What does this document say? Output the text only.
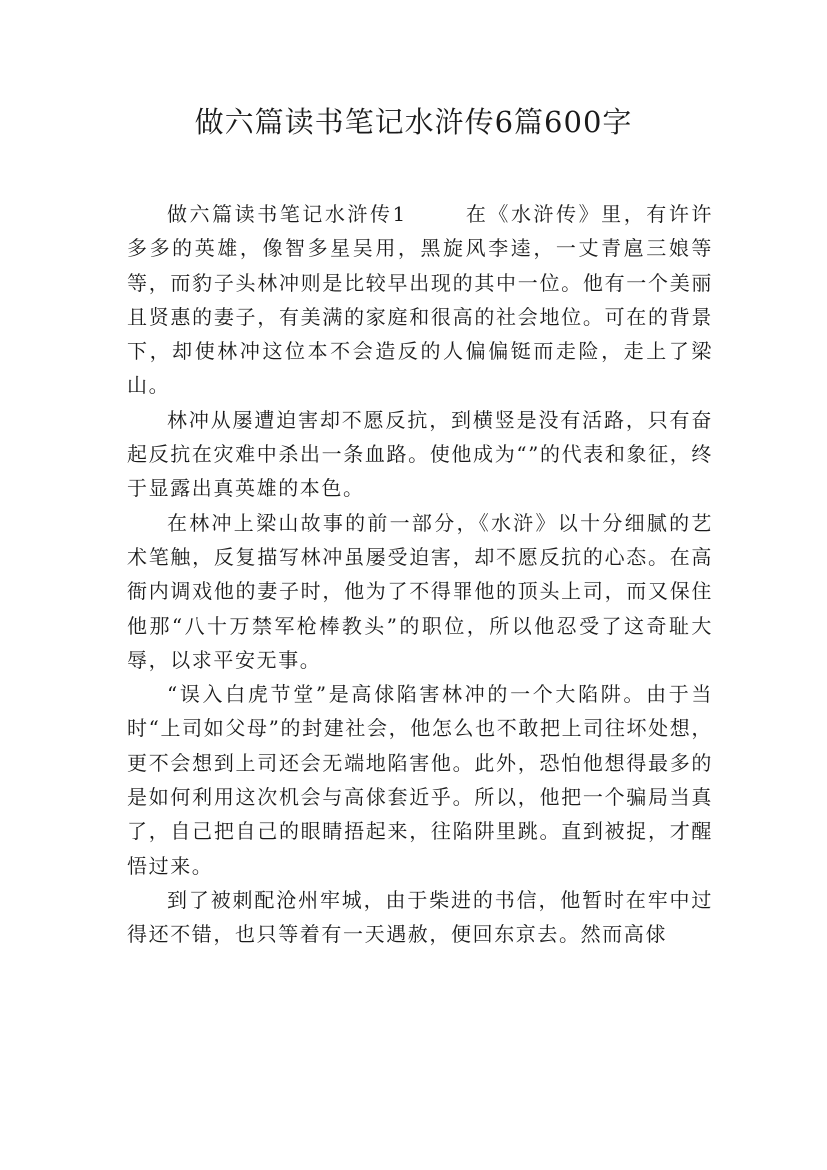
做六篇读书笔记水浒传6篇600字

做六篇读书笔记水浒传1	在《水浒传》里，有许许多多的英雄，像智多星吴用，黑旋风李逵，一丈青扈三娘等等，而豹子头林冲则是比较早出现的其中一位。他有一个美丽且贤惠的妻子，有美满的家庭和很高的社会地位。可在的背景下，却使林冲这位本不会造反的人偏偏铤而走险，走上了梁山。

林冲从屡遭迫害却不愿反抗，到横竖是没有活路，只有奋起反抗在灾难中杀出一条血路。使他成为“”的代表和象征，终于显露出真英雄的本色。

在林冲上梁山故事的前一部分，《水浒》以十分细腻的艺术笔触，反复描写林冲虽屡受迫害，却不愿反抗的心态。在高衙内调戏他的妻子时，他为了不得罪他的顶头上司，而又保住他那“八十万禁军枪棒教头”的职位，所以他忍受了这奇耻大辱，以求平安无事。

“误入白虎节堂”是高俅陷害林冲的一个大陷阱。由于当时“上司如父母”的封建社会，他怎么也不敢把上司往坏处想，更不会想到上司还会无端地陷害他。此外，恐怕他想得最多的是如何利用这次机会与高俅套近乎。所以，他把一个骗局当真了，自己把自己的眼睛捂起来，往陷阱里跳。直到被捉，才醒悟过来。

到了被刺配沧州牢城，由于柴进的书信，他暂时在牢中过得还不错，也只等着有一天遇赦，便回东京去。然而高俅
